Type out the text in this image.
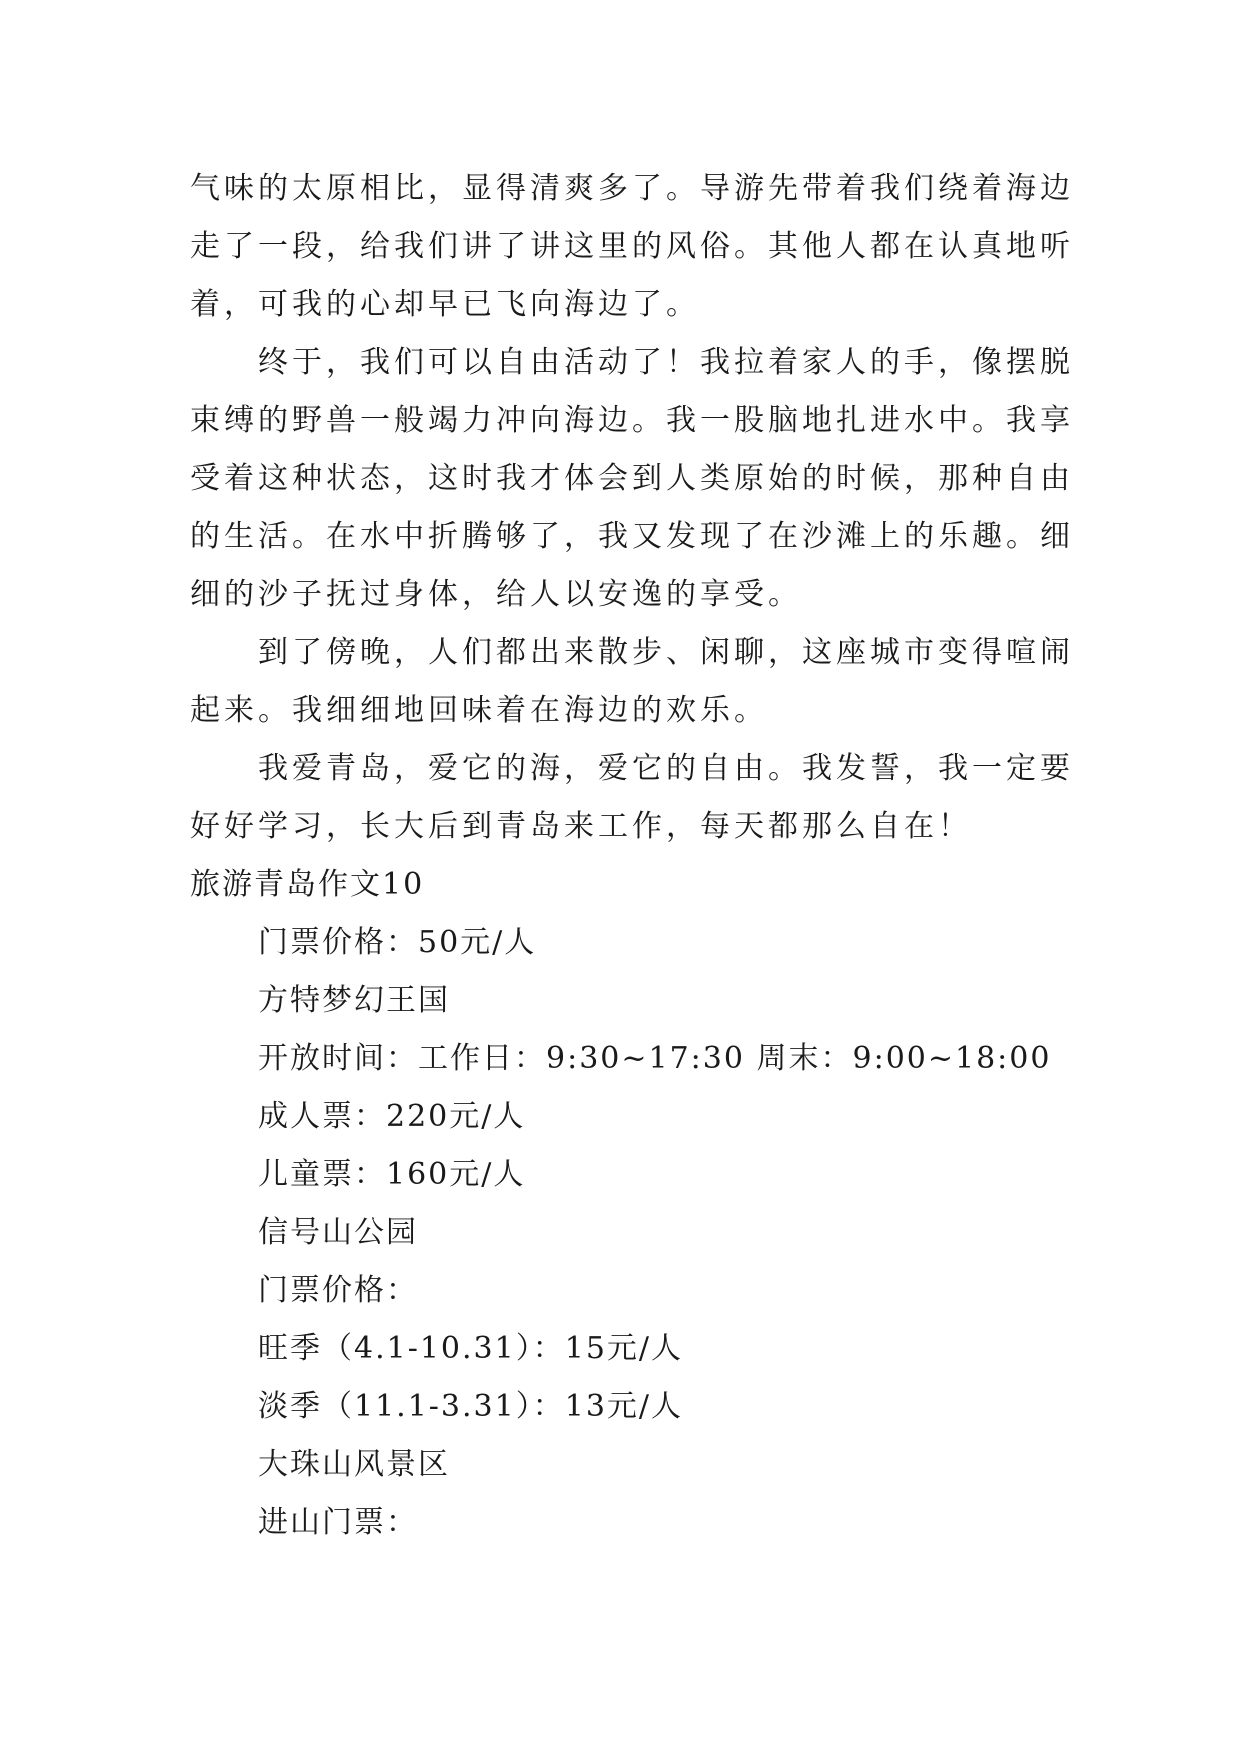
气味的太原相比，显得清爽多了。导游先带着我们绕着海边
走了一段，给我们讲了讲这里的风俗。其他人都在认真地听
着，可我的心却早已飞向海边了。
终于，我们可以自由活动了！我拉着家人的手，像摆脱
束缚的野兽一般竭力冲向海边。我一股脑地扎进水中。我享
受着这种状态，这时我才体会到人类原始的时候，那种自由
的生活。在水中折腾够了，我又发现了在沙滩上的乐趣。细
细的沙子抚过身体，给人以安逸的享受。
到了傍晚，人们都出来散步、闲聊，这座城市变得喧闹
起来。我细细地回味着在海边的欢乐。
我爱青岛，爱它的海，爱它的自由。我发誓，我一定要
好好学习，长大后到青岛来工作，每天都那么自在！

旅游青岛作文10

门票价格：50元/人

方特梦幻王国

开放时间：工作日：9:30~17:30 周末：9:00~18:00

成人票：220元/人

儿童票：160元/人

信号山公园

门票价格：

旺季（4.1-10.31）：15元/人

淡季（11.1-3.31）：13元/人

大珠山风景区

进山门票：
